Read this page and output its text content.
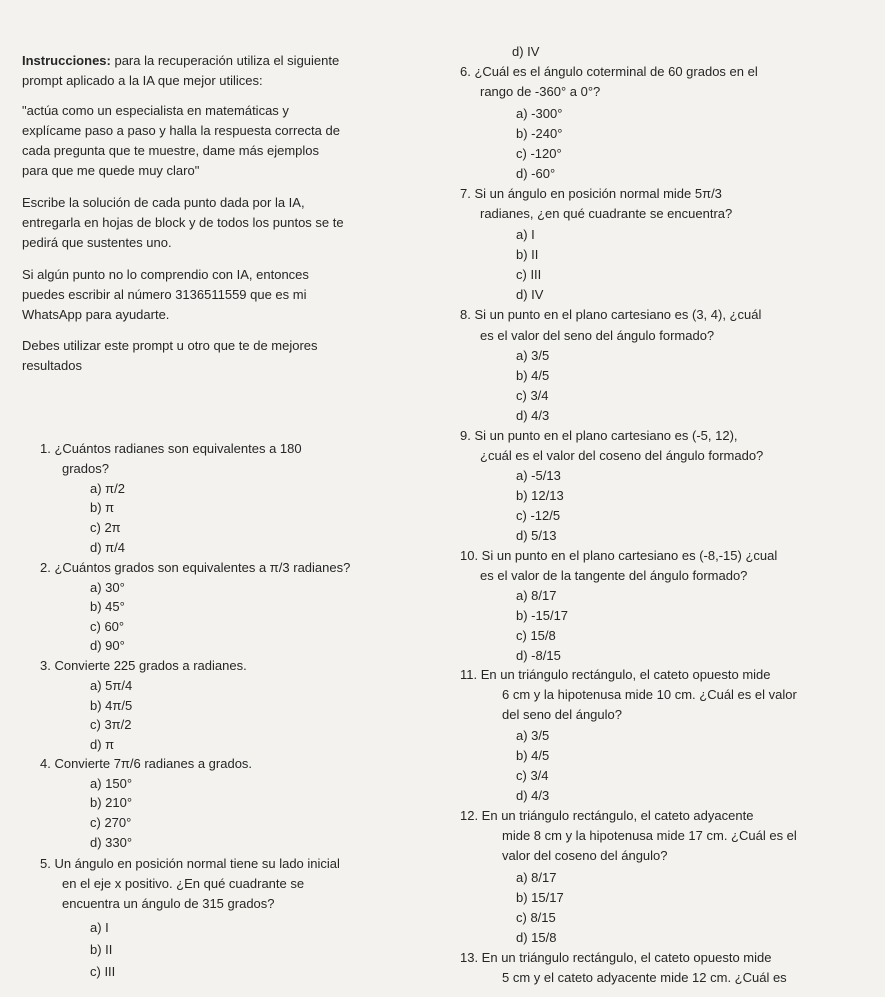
Instrucciones: para la recuperación utiliza el siguiente
prompt aplicado a la IA que mejor utilices:
"actúa como un especialista en matemáticas y
explícame paso a paso y halla la respuesta correcta de
cada pregunta que te muestre, dame más ejemplos
para que me quede muy claro"
Escribe la solución de cada punto dada por la IA,
entregarla en hojas de block y de todos los puntos se te
pedirá que sustentes uno.
Si algún punto no lo comprendio con IA, entonces
puedes escribir al número 3136511559 que es mi
WhatsApp para ayudarte.
Debes utilizar este prompt u otro que te de mejores
resultados
1. ¿Cuántos radianes son equivalentes a 180
grados?
a) π/2
b) π
c) 2π
d) π/4
2. ¿Cuántos grados son equivalentes a π/3 radianes?
a) 30°
b) 45°
c) 60°
d) 90°
3. Convierte 225 grados a radianes.
a) 5π/4
b) 4π/5
c) 3π/2
d) π
4. Convierte 7π/6 radianes a grados.
a) 150°
b) 210°
c) 270°
d) 330°
5. Un ángulo en posición normal tiene su lado inicial
en el eje x positivo. ¿En qué cuadrante se
encuentra un ángulo de 315 grados?
a) I
b) II
c) III
d) IV
6. ¿Cuál es el ángulo coterminal de 60 grados en el
rango de -360° a 0°?
a) -300°
b) -240°
c) -120°
d) -60°
7. Si un ángulo en posición normal mide 5π/3
radianes, ¿en qué cuadrante se encuentra?
a) I
b) II
c) III
d) IV
8. Si un punto en el plano cartesiano es (3, 4), ¿cuál
es el valor del seno del ángulo formado?
a) 3/5
b) 4/5
c) 3/4
d) 4/3
9. Si un punto en el plano cartesiano es (-5, 12),
¿cuál es el valor del coseno del ángulo formado?
a) -5/13
b) 12/13
c) -12/5
d) 5/13
10. Si un punto en el plano cartesiano es (-8,-15) ¿cual
es el valor de la tangente del ángulo formado?
a) 8/17
b) -15/17
c) 15/8
d) -8/15
11. En un triángulo rectángulo, el cateto opuesto mide
6 cm y la hipotenusa mide 10 cm. ¿Cuál es el valor
del seno del ángulo?
a) 3/5
b) 4/5
c) 3/4
d) 4/3
12. En un triángulo rectángulo, el cateto adyacente
mide 8 cm y la hipotenusa mide 17 cm. ¿Cuál es el
valor del coseno del ángulo?
a) 8/17
b) 15/17
c) 8/15
d) 15/8
13. En un triángulo rectángulo, el cateto opuesto mide
5 cm y el cateto adyacente mide 12 cm. ¿Cuál es
